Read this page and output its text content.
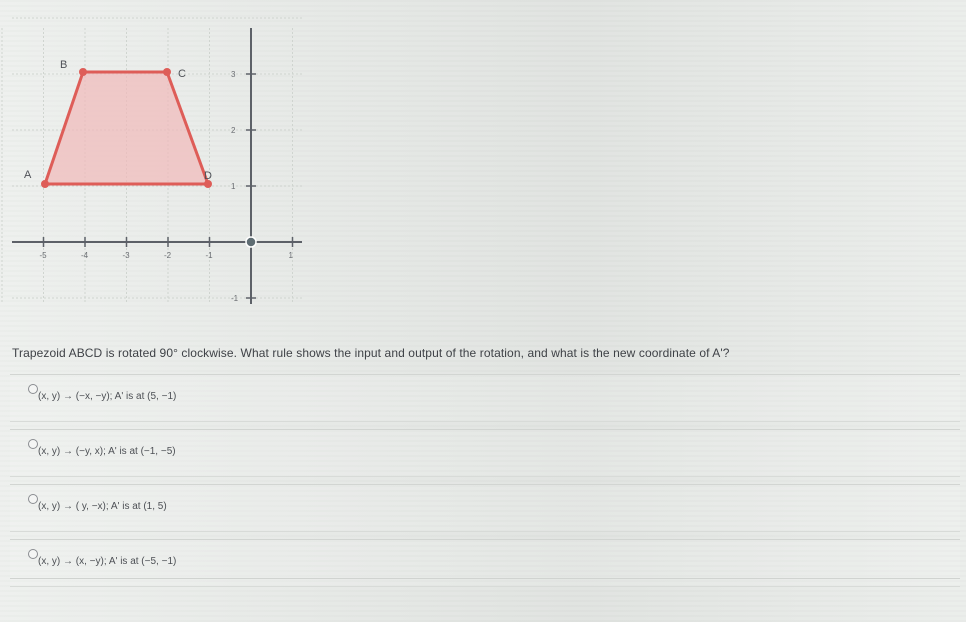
-5	-4	-3	-2	-1	1
3
2
1
-1
A
B
C
D
Trapezoid ABCD is rotated 90° clockwise. What rule shows the input and output of the rotation, and what is the new coordinate of A'?
(x, y) → (−x, −y); A' is at (5, −1)
(x, y) → (−y, x); A' is at (−1, −5)
(x, y) → ( y, −x); A' is at (1, 5)
(x, y) → (x, −y); A' is at (−5, −1)
